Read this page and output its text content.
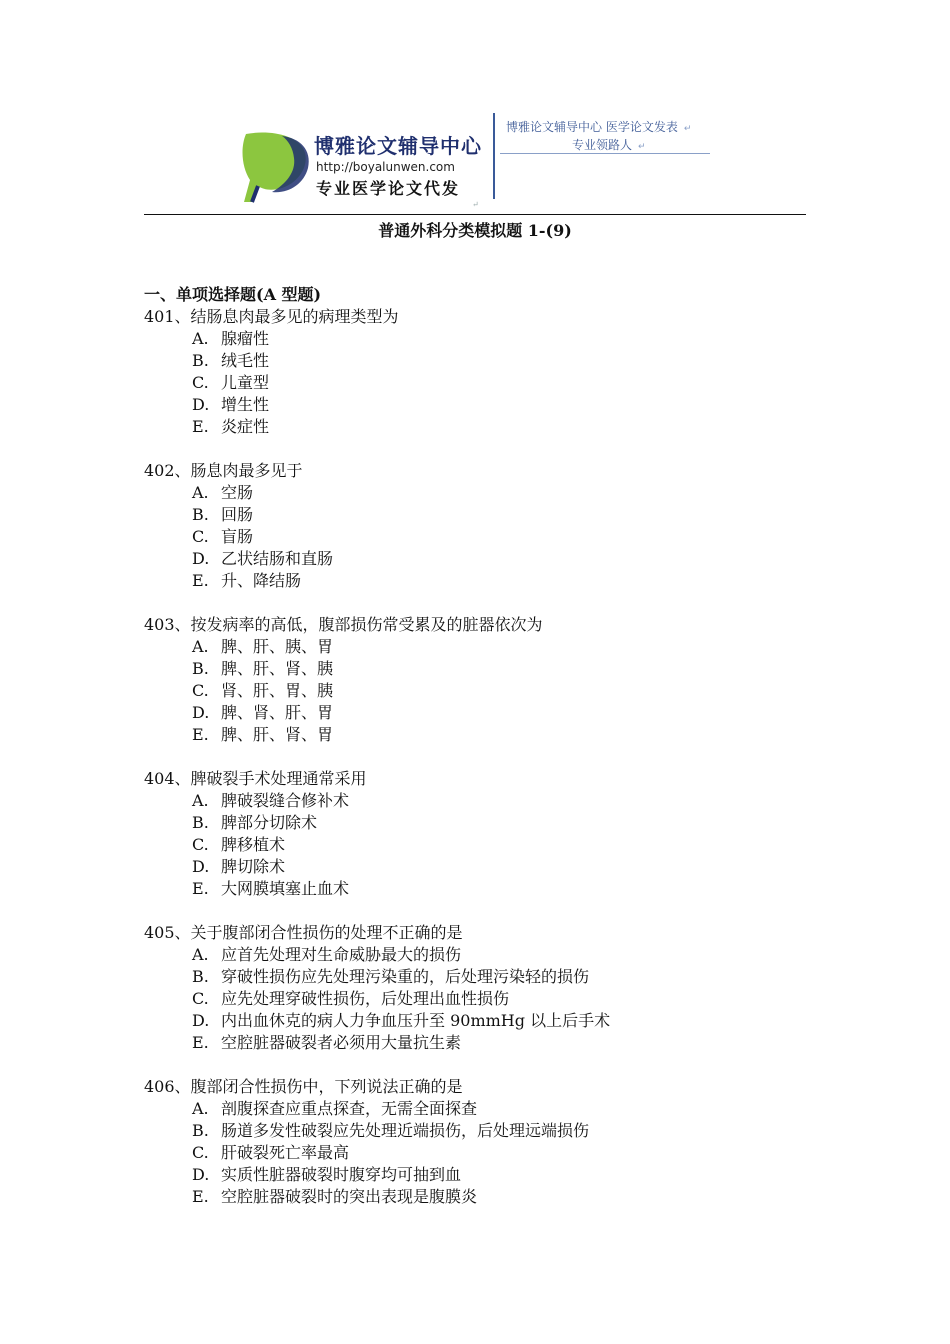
博雅论文辅导中心
http://boyalunwen.com
专业医学论文代发
博雅论文辅导中心 医学论文发表 ↵
专业领路人 ↵
↵
普通外科分类模拟题 1-(9)
一、单项选择题(A 型题)
401、结肠息肉最多见的病理类型为
A. 腺瘤性
B. 绒毛性
C. 儿童型
D. 增生性
E. 炎症性
402、肠息肉最多见于
A. 空肠
B. 回肠
C. 盲肠
D. 乙状结肠和直肠
E. 升、降结肠
403、按发病率的高低，腹部损伤常受累及的脏器依次为
A. 脾、肝、胰、胃
B. 脾、肝、肾、胰
C. 肾、肝、胃、胰
D. 脾、肾、肝、胃
E. 脾、肝、肾、胃
404、脾破裂手术处理通常采用
A. 脾破裂缝合修补术
B. 脾部分切除术
C. 脾移植术
D. 脾切除术
E. 大网膜填塞止血术
405、关于腹部闭合性损伤的处理不正确的是
A. 应首先处理对生命威胁最大的损伤
B. 穿破性损伤应先处理污染重的，后处理污染轻的损伤
C. 应先处理穿破性损伤，后处理出血性损伤
D. 内出血休克的病人力争血压升至 90mmHg 以上后手术
E. 空腔脏器破裂者必须用大量抗生素
406、腹部闭合性损伤中，下列说法正确的是
A. 剖腹探查应重点探查，无需全面探查
B. 肠道多发性破裂应先处理近端损伤，后处理远端损伤
C. 肝破裂死亡率最高
D. 实质性脏器破裂时腹穿均可抽到血
E. 空腔脏器破裂时的突出表现是腹膜炎
